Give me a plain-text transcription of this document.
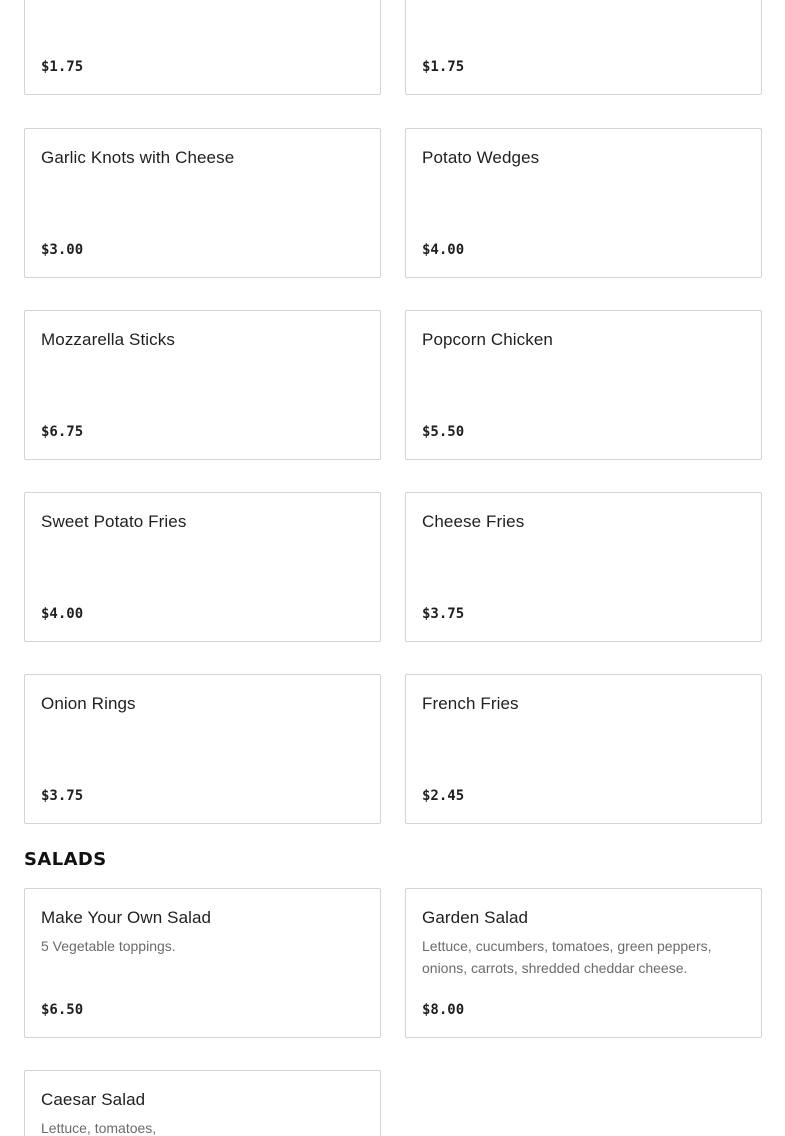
$1.75	$1.75

Garlic Knots with Cheese

$3.00

Potato Wedges

$4.00

Mozzarella Sticks

$6.75

Popcorn Chicken

$5.50

Sweet Potato Fries

$4.00

Cheese Fries

$3.75

Onion Rings

$3.75

French Fries

$2.45

SALADS
Make Your Own Salad

5 Vegetable toppings.

$6.50

Garden Salad

Lettuce, cucumbers, tomatoes, green peppers, onions, carrots, shredded cheddar cheese.

$8.00

Caesar Salad

Lettuce, tomatoes,
